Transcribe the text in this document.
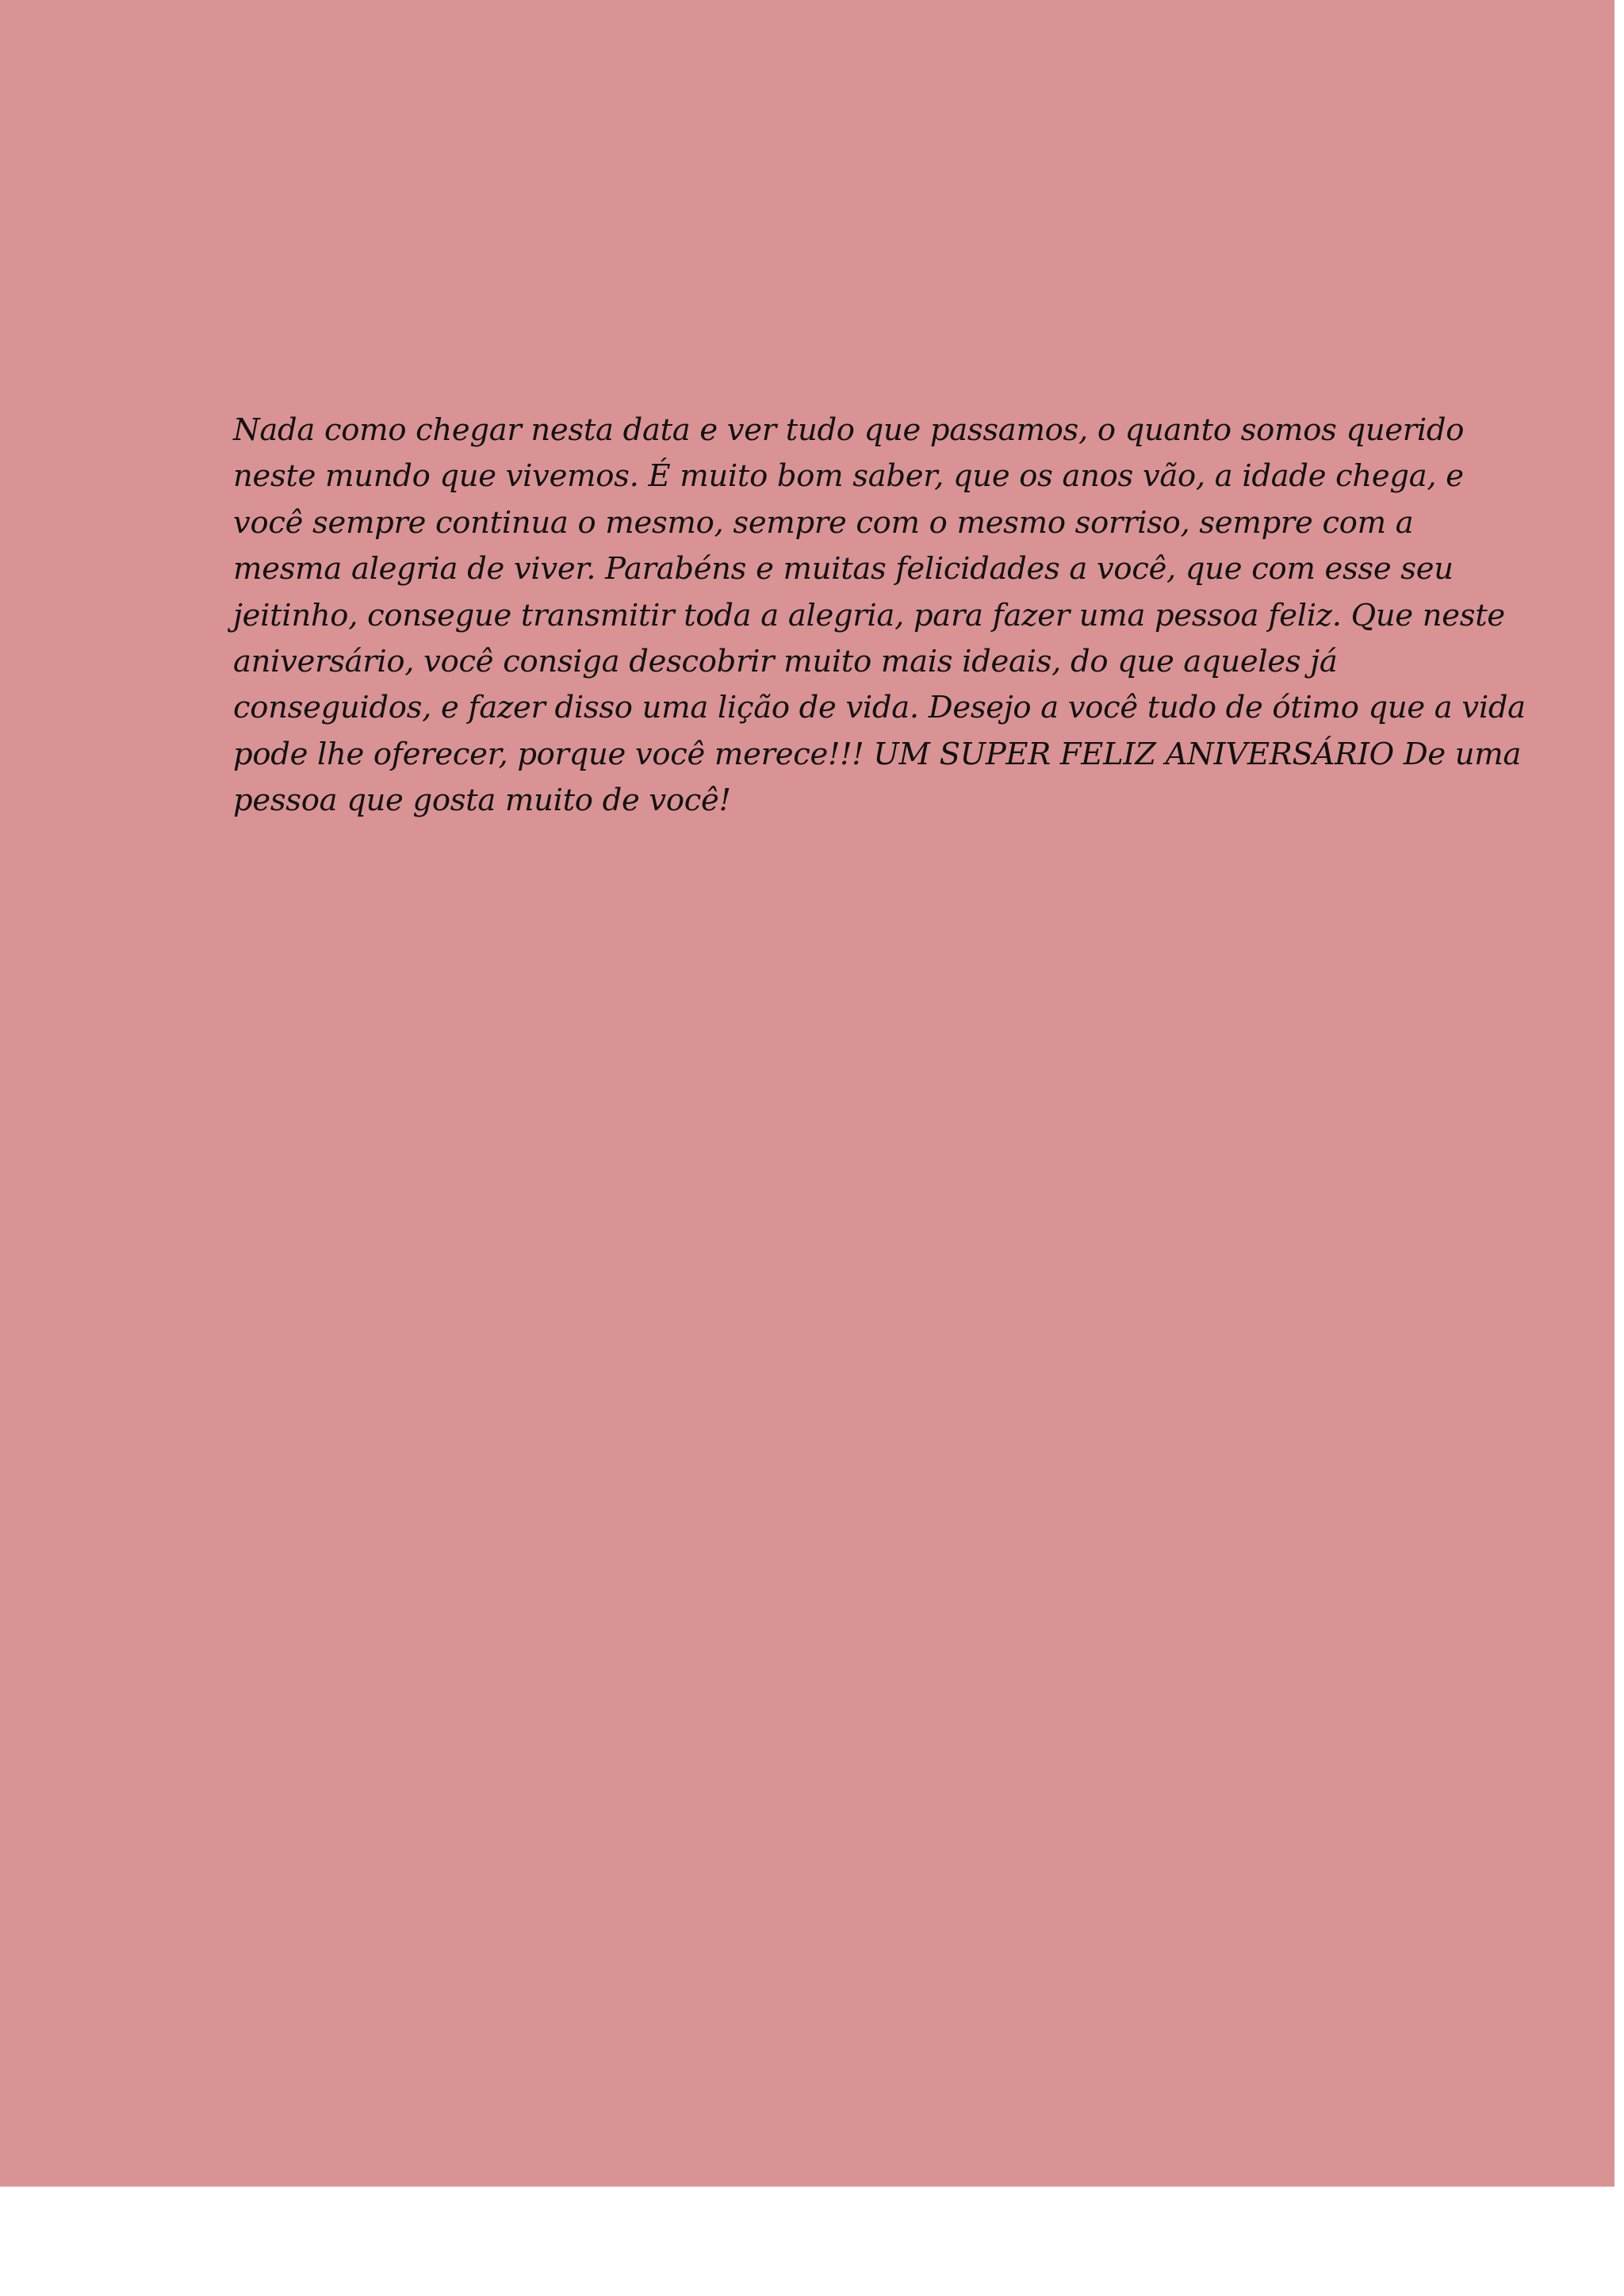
Nada como chegar nesta data e ver tudo que passamos, o quanto somos querido
neste mundo que vivemos. É muito bom saber, que os anos vão, a idade chega, e
você sempre continua o mesmo, sempre com o mesmo sorriso, sempre com a
mesma alegria de viver. Parabéns e muitas felicidades a você, que com esse seu
jeitinho, consegue transmitir toda a alegria, para fazer uma pessoa feliz. Que neste
aniversário, você consiga descobrir muito mais ideais, do que aqueles já
conseguidos, e fazer disso uma lição de vida. Desejo a você tudo de ótimo que a vida
pode lhe oferecer, porque você merece!!! UM SUPER FELIZ ANIVERSÁRIO De uma
pessoa que gosta muito de você!
